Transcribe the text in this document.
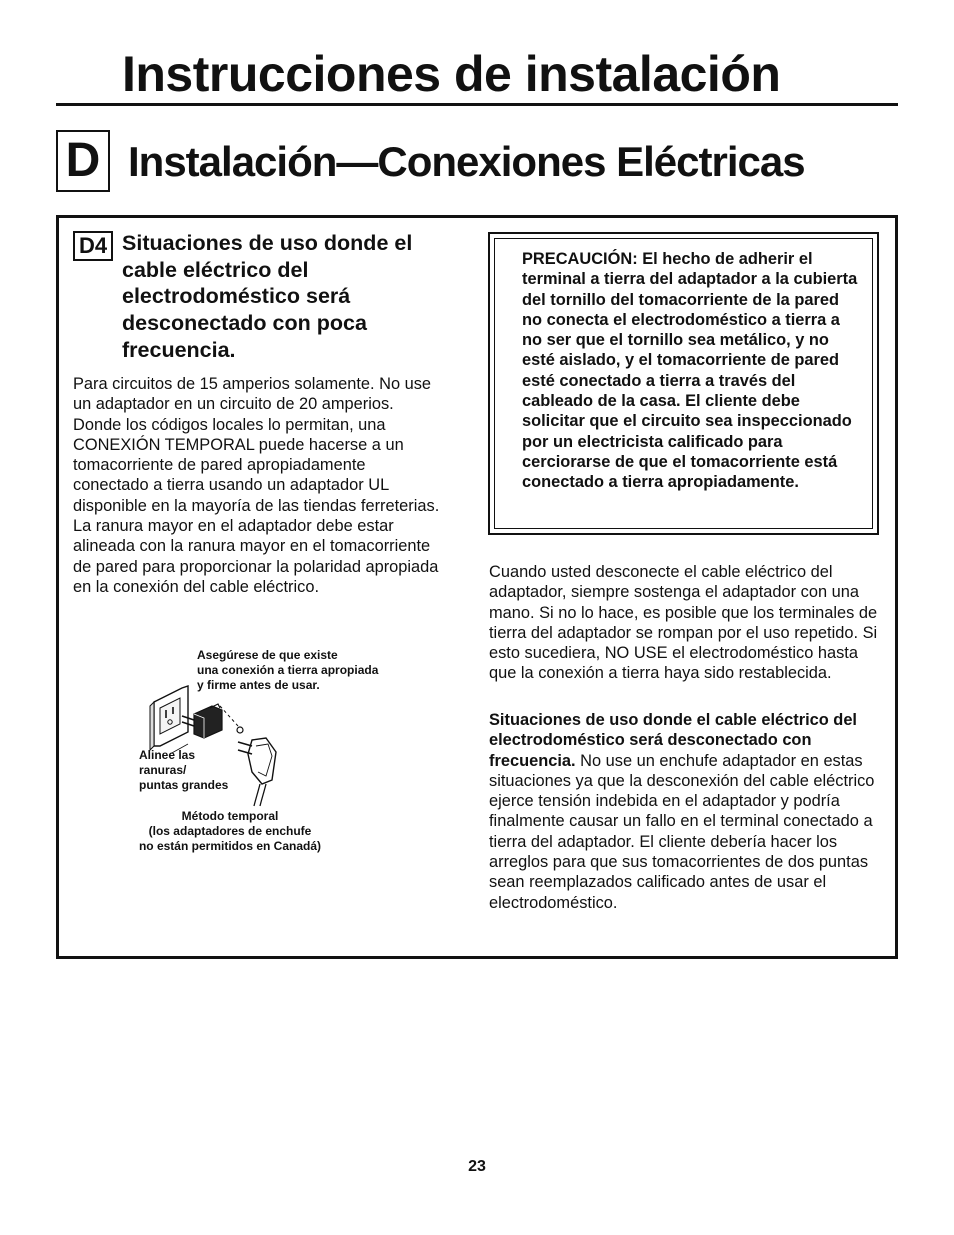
Instrucciones de instalación
D Instalación—Conexiones Eléctricas
D4 Situaciones de uso donde el cable eléctrico del electrodoméstico será desconectado con poca frecuencia.

Para circuitos de 15 amperios solamente. No use un adaptador en un circuito de 20 amperios. Donde los códigos locales lo permitan, una CONEXIÓN TEMPORAL puede hacerse a un tomacorriente de pared apropiadamente conectado a tierra usando un adaptador UL disponible en la mayoría de las tiendas ferreterias. La ranura mayor en el adaptador debe estar alineada con la ranura mayor en el tomacorriente de pared para proporcionar la polaridad apropiada en la conexión del cable eléctrico.

Asegúrese de que existe
una conexión a tierra apropiada
y firme antes de usar.
Alinee las
ranuras/
puntas grandes
Método temporal
(los adaptadores de enchufe
no están permitidos en Canadá)

PRECAUCIÓN: El hecho de adherir el terminal a tierra del adaptador a la cubierta del tornillo del tomacorriente de la pared no conecta el electrodoméstico a tierra a no ser que el tornillo sea metálico, y no esté aislado, y el tomacorriente de pared esté conectado a tierra a través del cableado de la casa. El cliente debe solicitar que el circuito sea inspeccionado por un electricista calificado para cerciorarse de que el tomacorriente está conectado a tierra apropiadamente.

Cuando usted desconecte el cable eléctrico del adaptador, siempre sostenga el adaptador con una mano. Si no lo hace, es posible que los terminales de tierra del adaptador se rompan por el uso repetido. Si esto sucediera, NO USE el electrodoméstico hasta que la conexión a tierra haya sido restablecida.

Situaciones de uso donde el cable eléctrico del electrodoméstico será desconectado con frecuencia. No use un enchufe adaptador en estas situaciones ya que la desconexión del cable eléctrico ejerce tensión indebida en el adaptador y podría finalmente causar un fallo en el terminal conectado a tierra del adaptador. El cliente debería hacer los arreglos para que sus tomacorrientes de dos puntas sean reemplazados calificado antes de usar el electrodoméstico.

23
